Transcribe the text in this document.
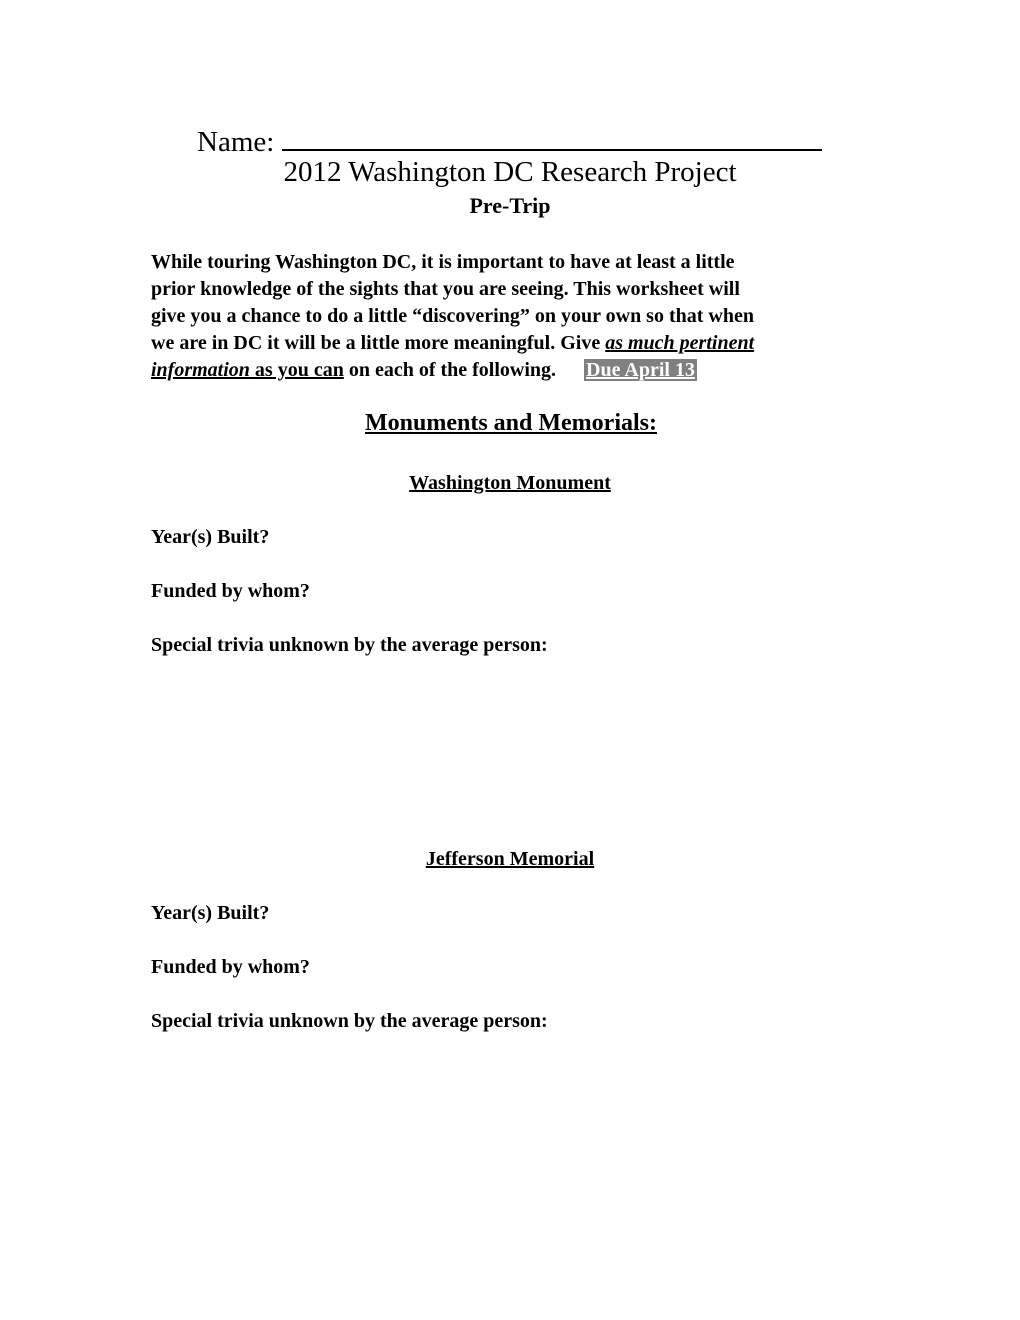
Name:
2012 Washington DC Research Project
Pre-Trip
While touring Washington DC, it is important to have at least a little
prior knowledge of the sights that you are seeing. This worksheet will
give you a chance to do a little “discovering” on your own so that when
we are in DC it will be a little more meaningful. Give as much pertinent
information as you can on each of the following. Due April 13
Monuments and Memorials:
Washington Monument
Year(s) Built?
Funded by whom?
Special trivia unknown by the average person:
Jefferson Memorial
Year(s) Built?
Funded by whom?
Special trivia unknown by the average person:
